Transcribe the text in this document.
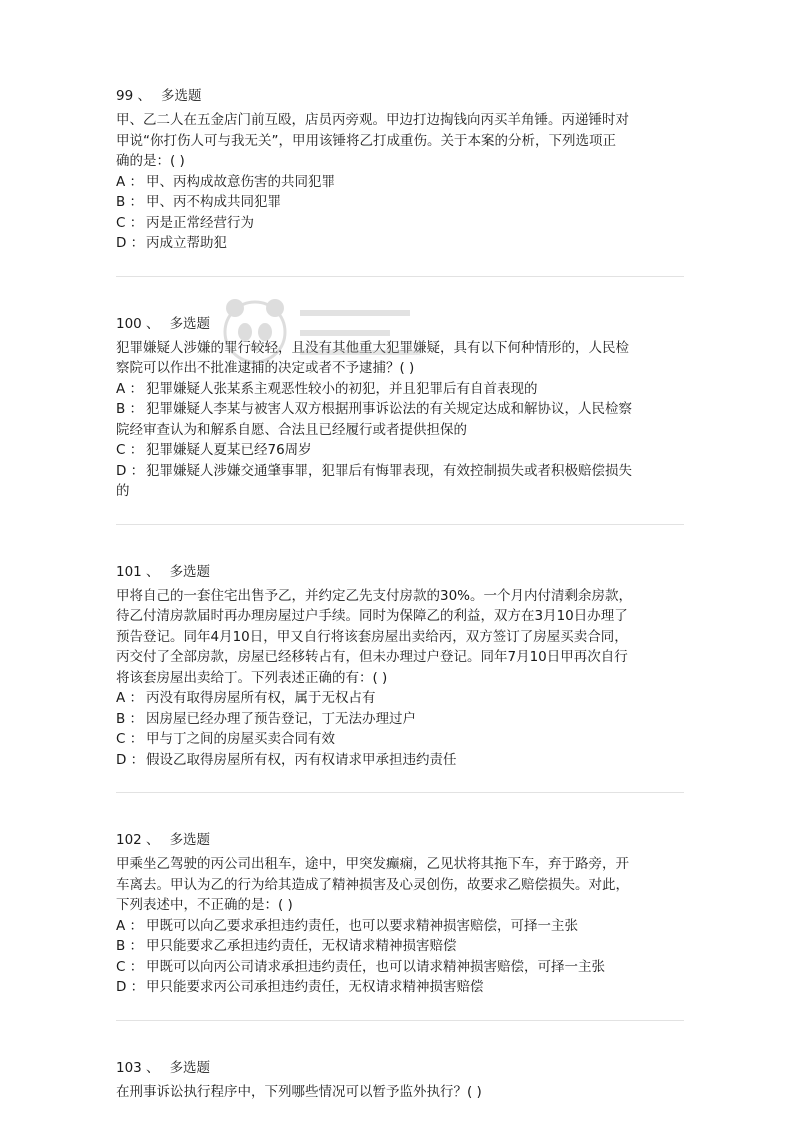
99 、 多选题
甲、乙二人在五金店门前互殴，店员丙旁观。甲边打边掏钱向丙买羊角锤。丙递锤时对
甲说“你打伤人可与我无关”，甲用该锤将乙打成重伤。关于本案的分析，下列选项正
确的是：( )
A ： 甲、丙构成故意伤害的共同犯罪
B ： 甲、丙不构成共同犯罪
C ： 丙是正常经营行为
D ： 丙成立帮助犯
100 、 多选题
犯罪嫌疑人涉嫌的罪行较轻，且没有其他重大犯罪嫌疑，具有以下何种情形的，人民检
察院可以作出不批准逮捕的决定或者不予逮捕？( )
A ： 犯罪嫌疑人张某系主观恶性较小的初犯，并且犯罪后有自首表现的
B ： 犯罪嫌疑人李某与被害人双方根据刑事诉讼法的有关规定达成和解协议，人民检察
院经审查认为和解系自愿、合法且已经履行或者提供担保的
C ： 犯罪嫌疑人夏某已经76周岁
D ： 犯罪嫌疑人涉嫌交通肇事罪，犯罪后有悔罪表现，有效控制损失或者积极赔偿损失
的
101 、 多选题
甲将自己的一套住宅出售予乙，并约定乙先支付房款的30%。一个月内付清剩余房款，
待乙付清房款届时再办理房屋过户手续。同时为保障乙的利益，双方在3月10日办理了
预告登记。同年4月10日，甲又自行将该套房屋出卖给丙，双方签订了房屋买卖合同，
丙交付了全部房款，房屋已经移转占有，但未办理过户登记。同年7月10日甲再次自行
将该套房屋出卖给丁。下列表述正确的有：( )
A ： 丙没有取得房屋所有权，属于无权占有
B ： 因房屋已经办理了预告登记，丁无法办理过户
C ： 甲与丁之间的房屋买卖合同有效
D ： 假设乙取得房屋所有权，丙有权请求甲承担违约责任
102 、 多选题
甲乘坐乙驾驶的丙公司出租车，途中，甲突发癫痫，乙见状将其拖下车，弃于路旁，开
车离去。甲认为乙的行为给其造成了精神损害及心灵创伤，故要求乙赔偿损失。对此，
下列表述中，不正确的是：( )
A ： 甲既可以向乙要求承担违约责任，也可以要求精神损害赔偿，可择一主张
B ： 甲只能要求乙承担违约责任，无权请求精神损害赔偿
C ： 甲既可以向丙公司请求承担违约责任，也可以请求精神损害赔偿，可择一主张
D ： 甲只能要求丙公司承担违约责任，无权请求精神损害赔偿
103 、 多选题
在刑事诉讼执行程序中，下列哪些情况可以暂予监外执行？( )
